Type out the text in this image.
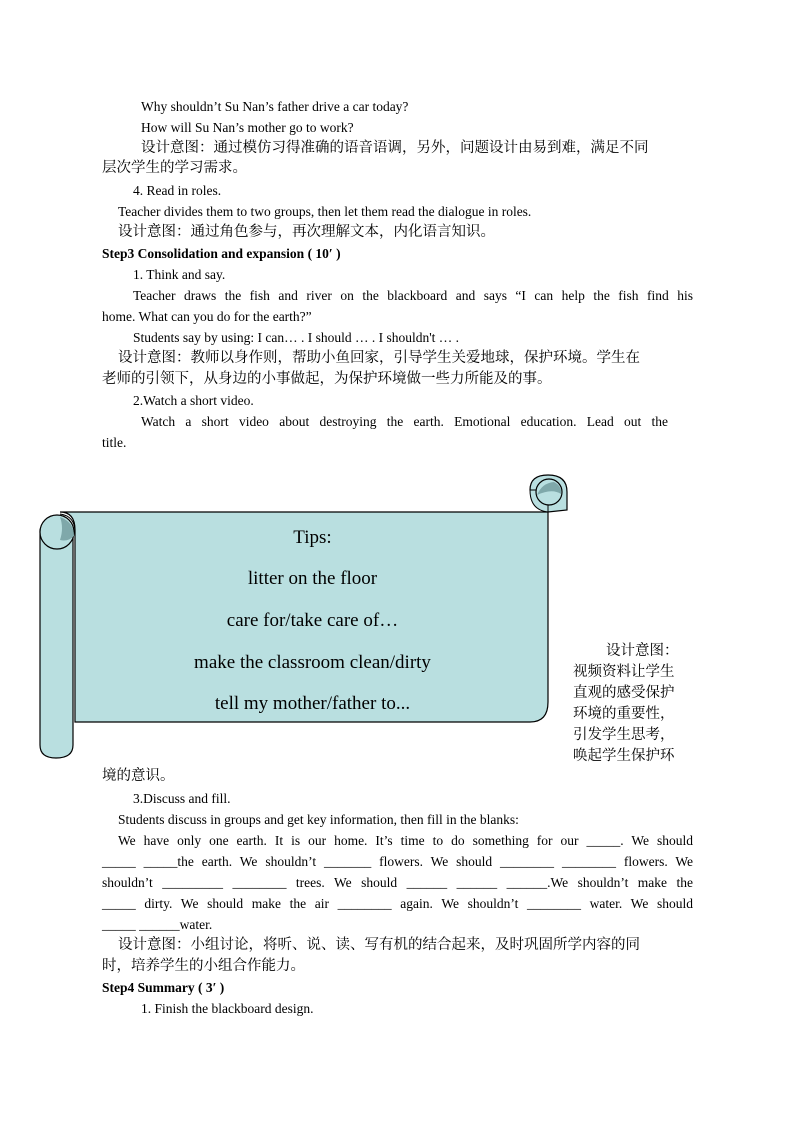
Why shouldn’t Su Nan’s father drive a car today?
How will Su Nan’s mother go to work?
设计意图：通过模仿习得准确的语音语调，另外，问题设计由易到难，满足不同
层次学生的学习需求。
4. Read in roles.
Teacher divides them to two groups, then let them read the dialogue in roles.
设计意图：通过角色参与，再次理解文本，内化语言知识。
Step3 Consolidation and expansion ( 10′ )
1. Think and say.
Teacher draws the fish and river on the blackboard and says “I can help the fish find his
home. What can you do for the earth?”
Students say by using: I can… . I should … . I shouldn't … .
设计意图：教师以身作则，帮助小鱼回家，引导学生关爱地球，保护环境。学生在
老师的引领下，从身边的小事做起，为保护环境做一些力所能及的事。
2.Watch a short video.
Watch a short video about destroying the earth. Emotional education. Lead out the
title.
Tips:
litter on the floor
care for/take care of…
make the classroom clean/dirty
tell my mother/father to...
设计意图：
视频资料让学生
直观的感受保护
环境的重要性，
引发学生思考，
唤起学生保护环
境的意识。
3.Discuss and fill.
Students discuss in groups and get key information, then fill in the blanks:
We have only one earth. It is our home. It’s time to do something for our _____. We should
_____ _____the earth. We shouldn’t _______ flowers. We should ________ ________ flowers. We
shouldn’t _________ ________ trees. We should ______ ______ ______.We shouldn’t make the
_____ dirty. We should make the air ________ again. We shouldn’t ________ water. We should
_____ ______water.
设计意图：小组讨论，将听、说、读、写有机的结合起来，及时巩固所学内容的同
时，培养学生的小组合作能力。
Step4 Summary ( 3′ )
1. Finish the blackboard design.
